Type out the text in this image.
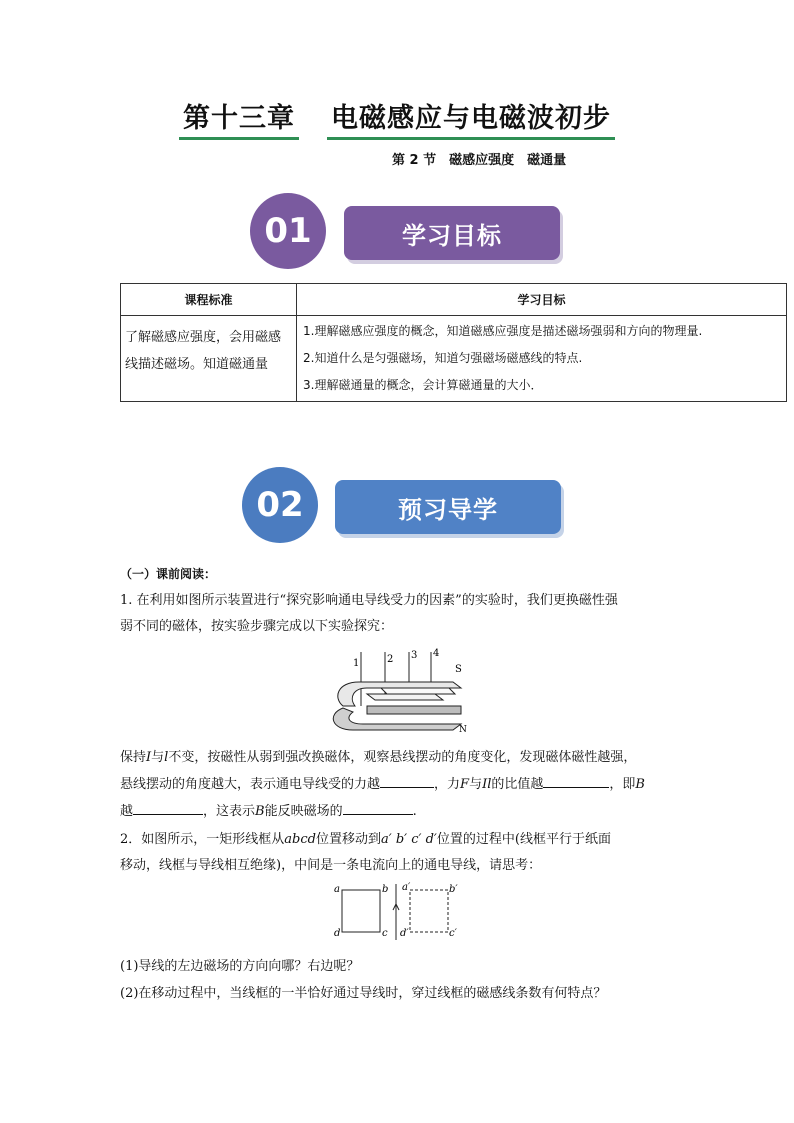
第十三章 电磁感应与电磁波初步
第 2 节　磁感应强度　磁通量
学习目标
01
课程标准	学习目标
了解磁感应强度，会用磁感线描述磁场。知道磁通量	1.理解磁感应强度的概念，知道磁感应强度是描述磁场强弱和方向的物理量.
2.知道什么是匀强磁场，知道匀强磁场磁感线的特点.
3.理解磁通量的概念，会计算磁通量的大小．
预习导学
02
（一）课前阅读：
1. 在利用如图所示装置进行“探究影响通电导线受力的因素”的实验时，我们更换磁性强
弱不同的磁体，按实验步骤完成以下实验探究：
1	2 3 4
S
N
保持I与l不变，按磁性从弱到强改换磁体，观察悬线摆动的角度变化，发现磁体磁性越强，
悬线摆动的角度越大，表示通电导线受的力越	，力F与Il的比值越	，即B
越	，这表示B能反映磁场的	.
2．如图所示，一矩形线框从abcd位置移动到a′ b′ c′ d′位置的过程中(线框平行于纸面
移动，线框与导线相互绝缘)，中间是一条电流向上的通电导线，请思考：
a	b
c
d
a′	b′
c′
d′
(1)导线的左边磁场的方向向哪？右边呢？
(2)在移动过程中，当线框的一半恰好通过导线时，穿过线框的磁感线条数有何特点？
